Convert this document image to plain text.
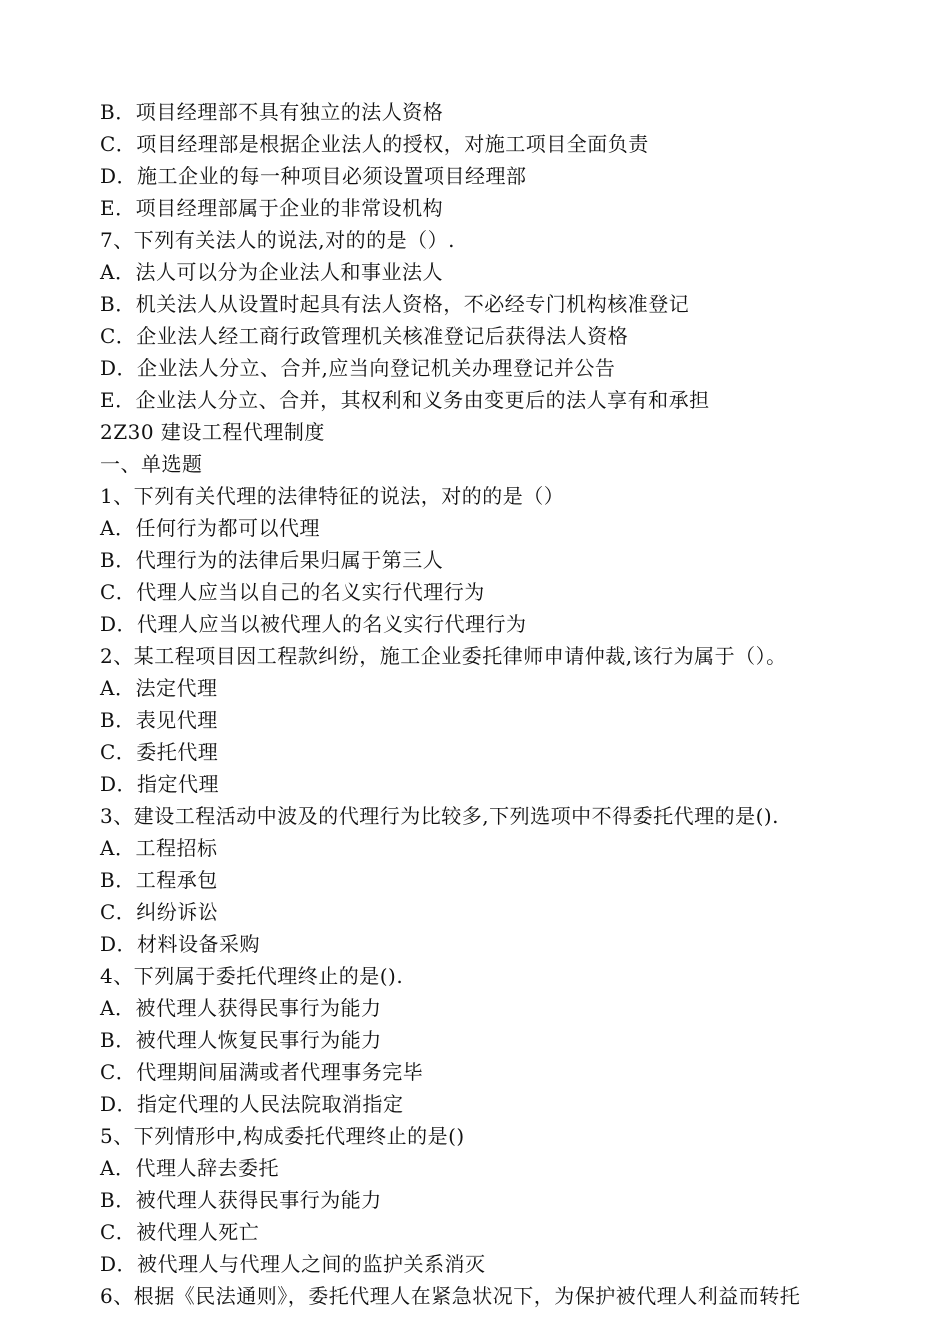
B．项目经理部不具有独立的法人资格
C．项目经理部是根据企业法人的授权，对施工项目全面负责
D．施工企业的每一种项目必须设置项目经理部
E．项目经理部属于企业的非常设机构
7、下列有关法人的说法,对的的是（）.
A．法人可以分为企业法人和事业法人
B．机关法人从设置时起具有法人资格，不必经专门机构核准登记
C．企业法人经工商行政管理机关核准登记后获得法人资格
D．企业法人分立、合并,应当向登记机关办理登记并公告
E．企业法人分立、合并，其权利和义务由变更后的法人享有和承担
2Z30 建设工程代理制度
一、单选题
1、下列有关代理的法律特征的说法，对的的是（）
A．任何行为都可以代理
B．代理行为的法律后果归属于第三人
C．代理人应当以自己的名义实行代理行为
D．代理人应当以被代理人的名义实行代理行为
2、某工程项目因工程款纠纷，施工企业委托律师申请仲裁,该行为属于（）。
A．法定代理
B．表见代理
C．委托代理
D．指定代理
3、建设工程活动中波及的代理行为比较多,下列选项中不得委托代理的是().
A．工程招标
B．工程承包
C．纠纷诉讼
D．材料设备采购
4、下列属于委托代理终止的是().
A．被代理人获得民事行为能力
B．被代理人恢复民事行为能力
C．代理期间届满或者代理事务完毕
D．指定代理的人民法院取消指定
5、下列情形中,构成委托代理终止的是()
A．代理人辞去委托
B．被代理人获得民事行为能力
C．被代理人死亡
D．被代理人与代理人之间的监护关系消灭
6、根据《民法通则》，委托代理人在紧急状况下，为保护被代理人利益而转托
